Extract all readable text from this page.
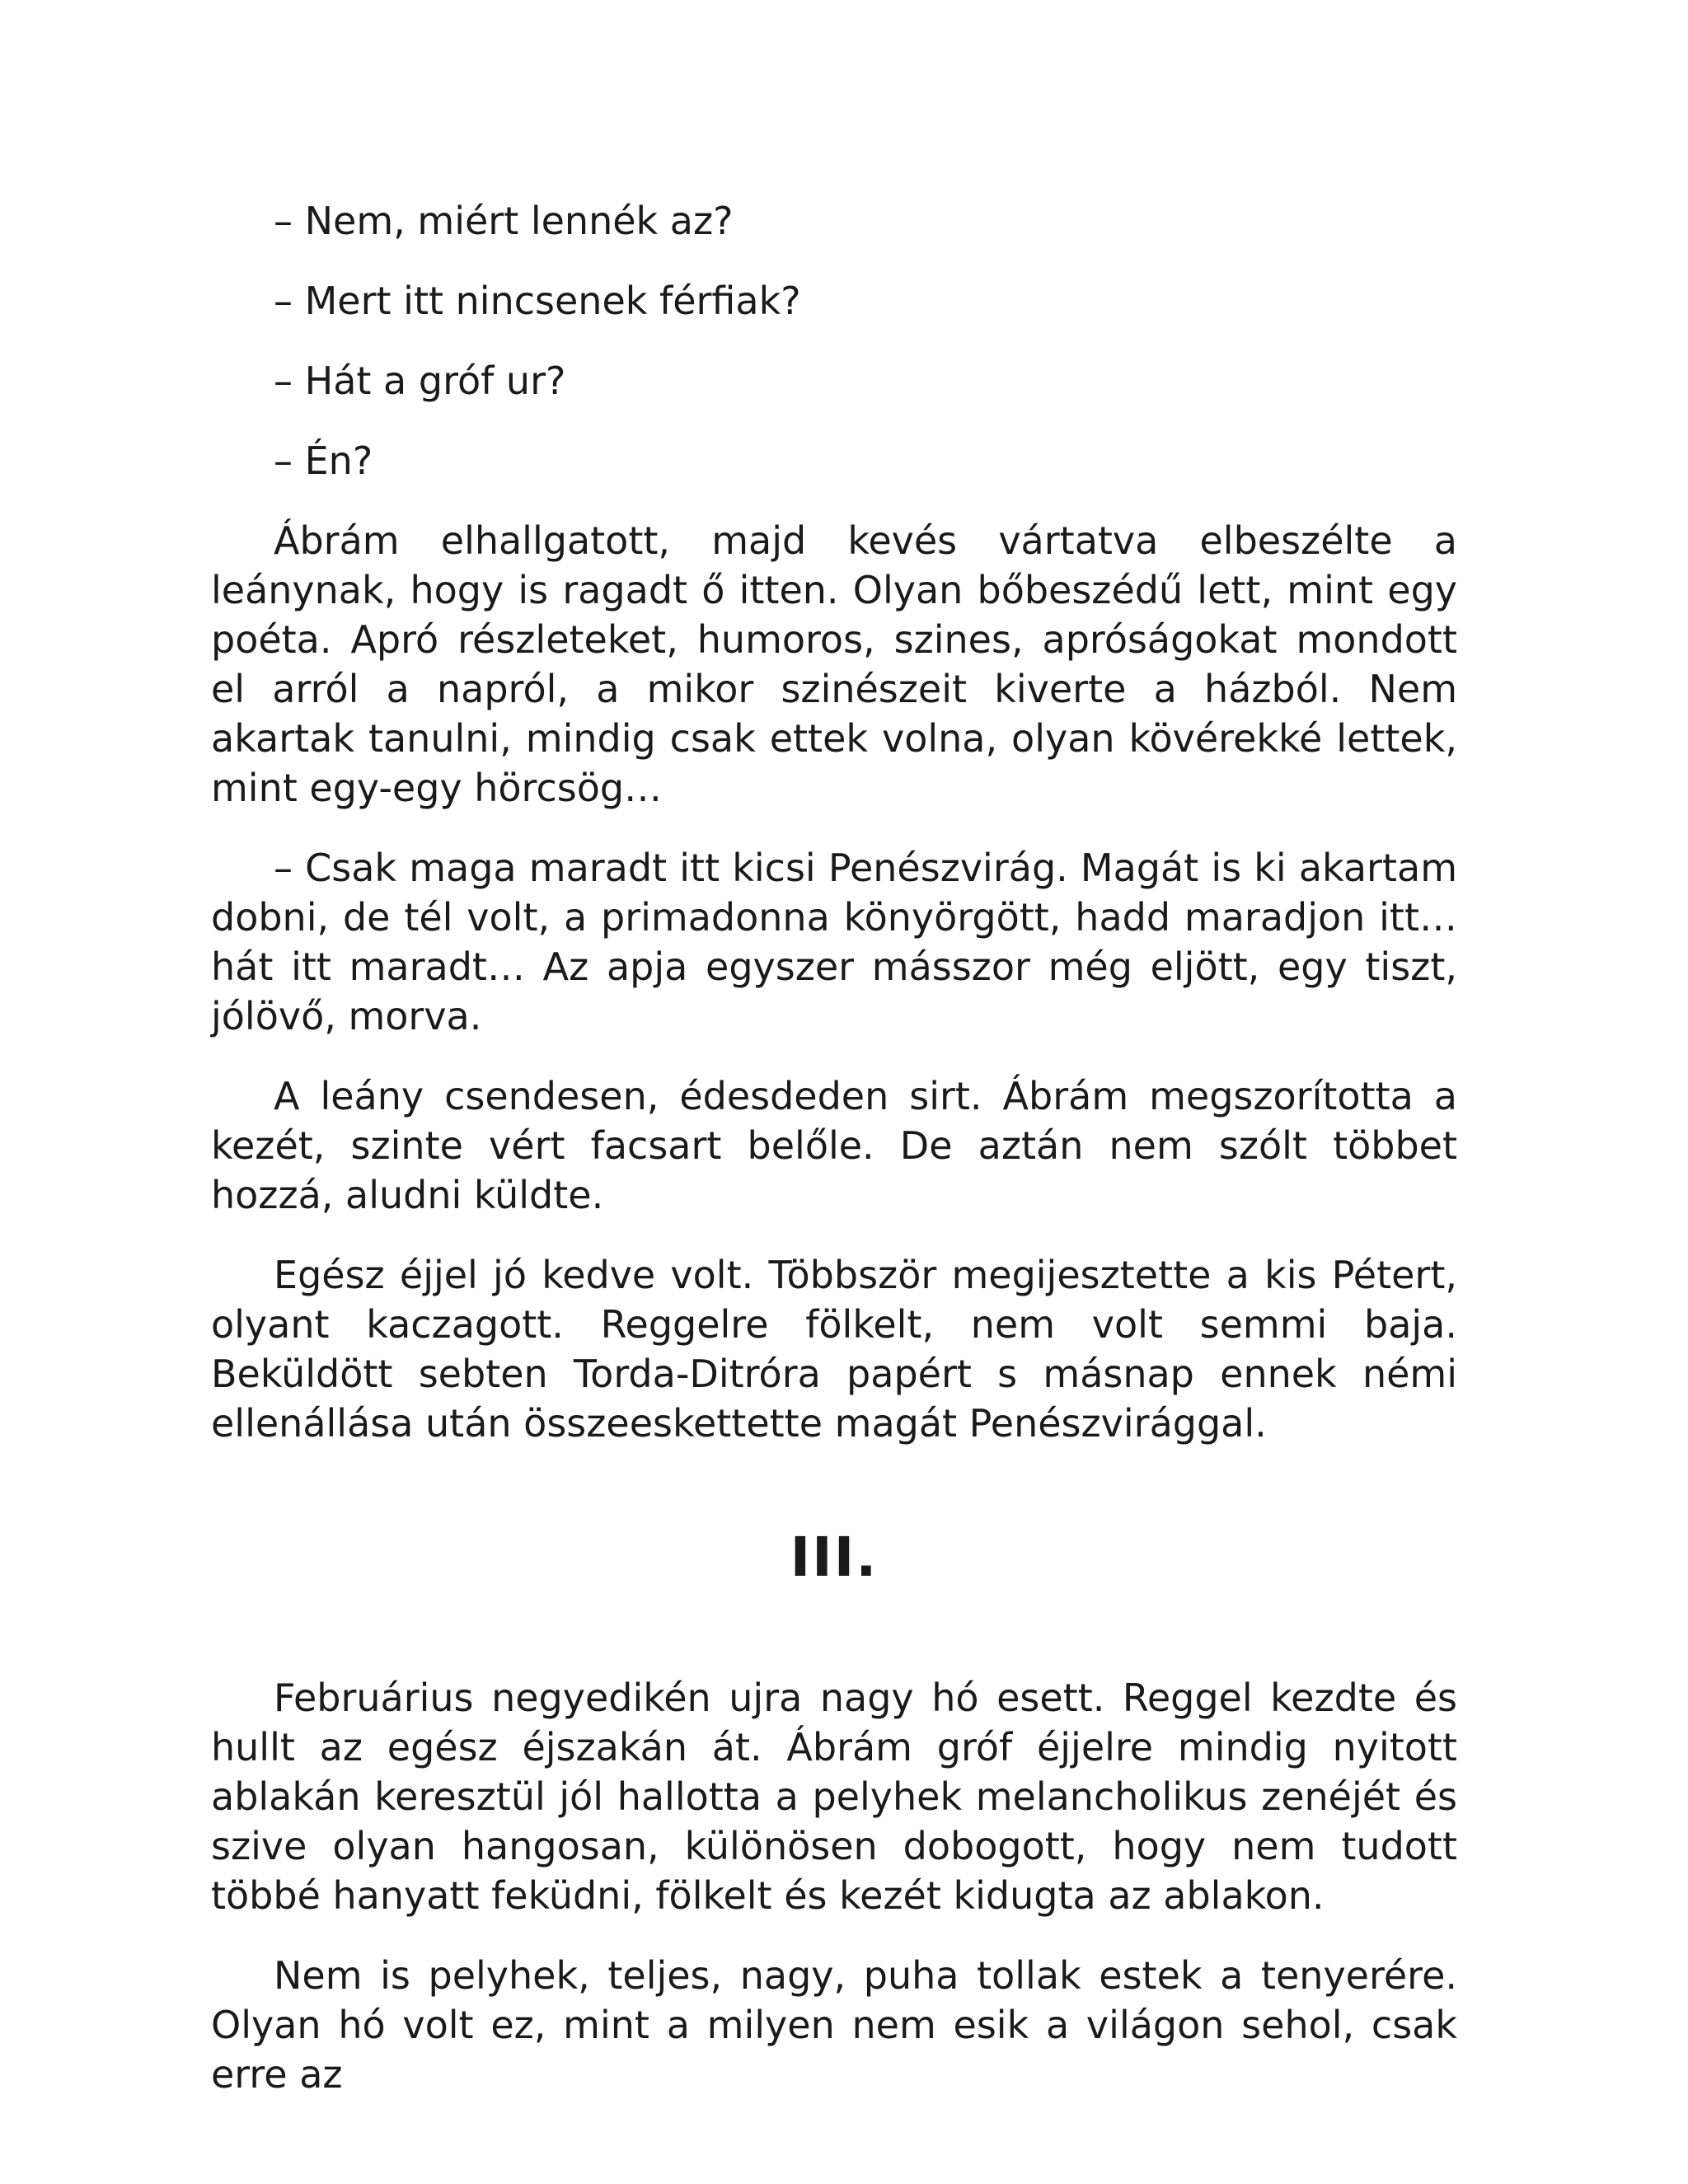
– Nem, miért lennék az?

– Mert itt nincsenek férfiak?

– Hát a gróf ur?

– Én?

Ábrám elhallgatott, majd kevés vártatva elbeszélte a leánynak, hogy is ragadt ő itten. Olyan bőbeszédű lett, mint egy poéta. Apró részleteket, humoros, szines, apróságokat mondott el arról a napról, a mikor szinészeit kiverte a házból. Nem akartak tanulni, mindig csak ettek volna, olyan kövérekké lettek, mint egy-egy hörcsög…

– Csak maga maradt itt kicsi Penészvirág. Magát is ki akartam dobni, de tél volt, a primadonna könyörgött, hadd maradjon itt… hát itt maradt… Az apja egyszer másszor még eljött, egy tiszt, jólövő, morva.

A leány csendesen, édesdeden sirt. Ábrám megszorította a kezét, szinte vért facsart belőle. De aztán nem szólt többet hozzá, aludni küldte.

Egész éjjel jó kedve volt. Többször megijesztette a kis Pétert, olyant kaczagott. Reggelre fölkelt, nem volt semmi baja. Beküldött sebten Torda-Ditróra papért s másnap ennek némi ellenállása után összeeskettette magát Penészvirággal.

III.

Februárius negyedikén ujra nagy hó esett. Reggel kezdte és hullt az egész éjszakán át. Ábrám gróf éjjelre mindig nyitott ablakán keresztül jól hallotta a pelyhek melancholikus zenéjét és szive olyan hangosan, különösen dobogott, hogy nem tudott többé hanyatt feküdni, fölkelt és kezét kidugta az ablakon.

Nem is pelyhek, teljes, nagy, puha tollak estek a tenyerére. Olyan hó volt ez, mint a milyen nem esik a világon sehol, csak erre az
